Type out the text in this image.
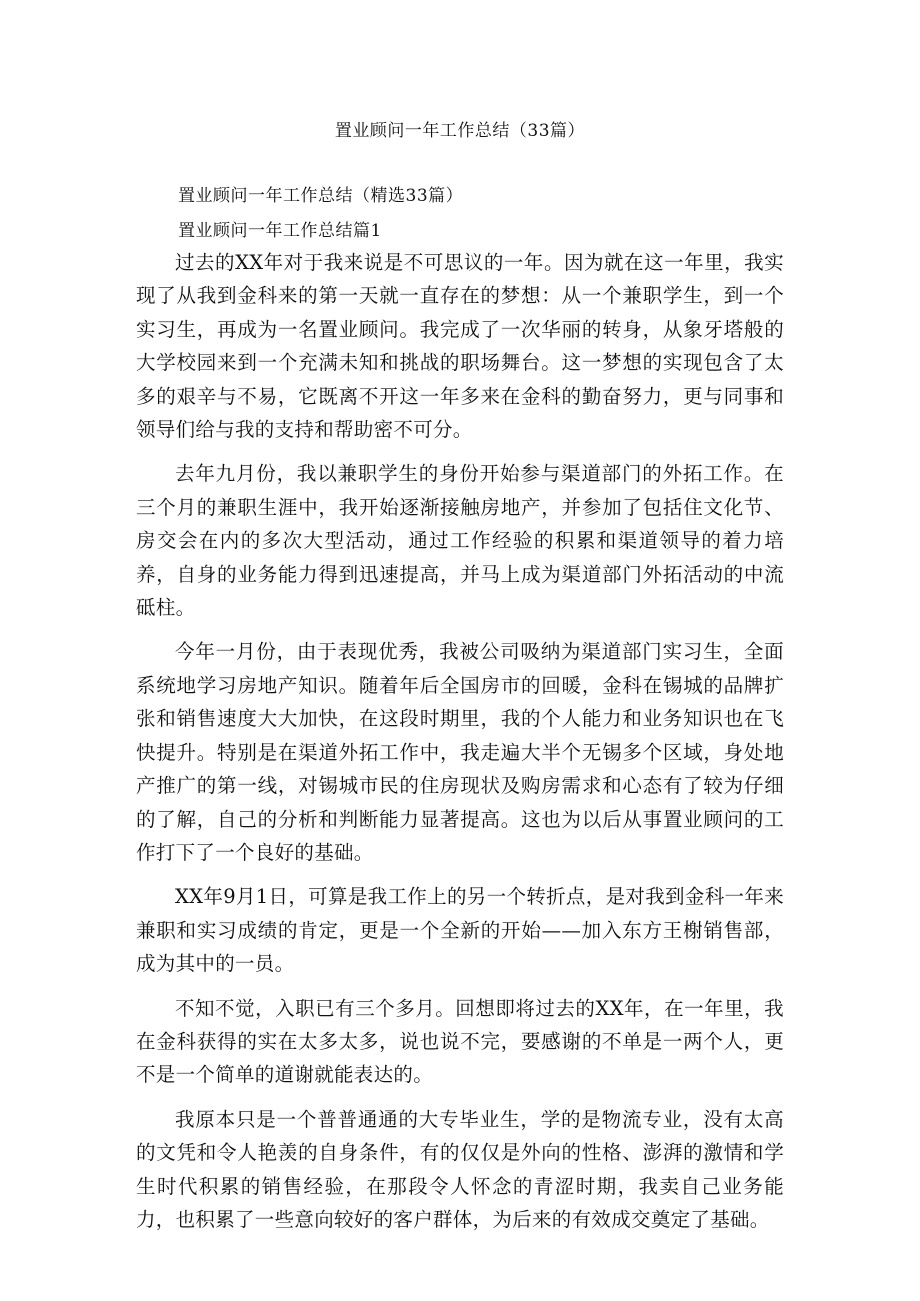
置业顾问一年工作总结（33篇）
置业顾问一年工作总结（精选33篇）
置业顾问一年工作总结篇1

过去的XX年对于我来说是不可思议的一年。因为就在这一年里，我实现了从我到金科来的第一天就一直存在的梦想：从一个兼职学生，到一个实习生，再成为一名置业顾问。我完成了一次华丽的转身，从象牙塔般的大学校园来到一个充满未知和挑战的职场舞台。这一梦想的实现包含了太多的艰辛与不易，它既离不开这一年多来在金科的勤奋努力，更与同事和领导们给与我的支持和帮助密不可分。

去年九月份，我以兼职学生的身份开始参与渠道部门的外拓工作。在三个月的兼职生涯中，我开始逐渐接触房地产，并参加了包括住文化节、房交会在内的多次大型活动，通过工作经验的积累和渠道领导的着力培养，自身的业务能力得到迅速提高，并马上成为渠道部门外拓活动的中流砥柱。

今年一月份，由于表现优秀，我被公司吸纳为渠道部门实习生，全面系统地学习房地产知识。随着年后全国房市的回暖，金科在锡城的品牌扩张和销售速度大大加快，在这段时期里，我的个人能力和业务知识也在飞快提升。特别是在渠道外拓工作中，我走遍大半个无锡多个区域，身处地产推广的第一线，对锡城市民的住房现状及购房需求和心态有了较为仔细的了解，自己的分析和判断能力显著提高。这也为以后从事置业顾问的工作打下了一个良好的基础。

XX年9月1日，可算是我工作上的另一个转折点，是对我到金科一年来兼职和实习成绩的肯定，更是一个全新的开始——加入东方王榭销售部，成为其中的一员。

不知不觉，入职已有三个多月。回想即将过去的XX年，在一年里，我在金科获得的实在太多太多，说也说不完，要感谢的不单是一两个人，更不是一个简单的道谢就能表达的。

我原本只是一个普普通通的大专毕业生，学的是物流专业，没有太高的文凭和令人艳羡的自身条件，有的仅仅是外向的性格、澎湃的激情和学生时代积累的销售经验，在那段令人怀念的青涩时期，我卖自己业务能力，也积累了一些意向较好的客户群体，为后来的有效成交奠定了基础。
